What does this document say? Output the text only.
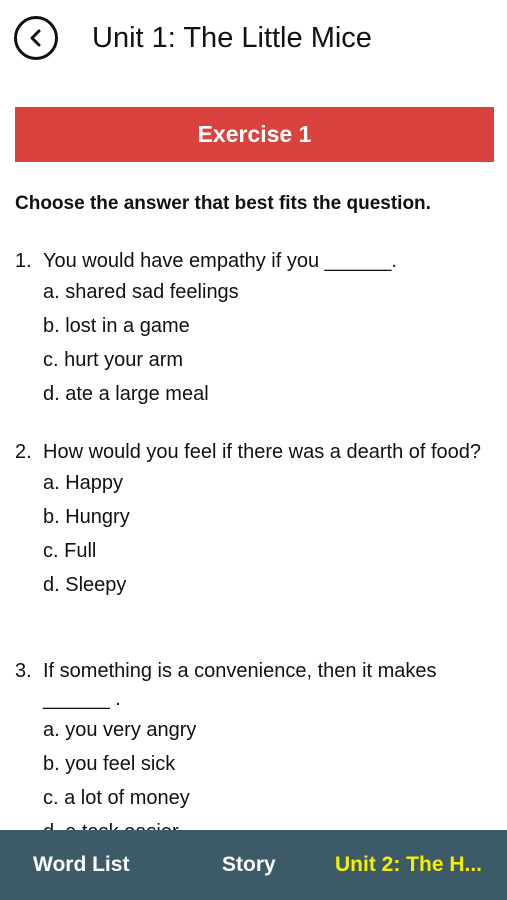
Unit 1: The Little Mice
Exercise 1
Choose the answer that best fits the question.
1. You would have empathy if you ______.
a. shared sad feelings
b. lost in a game
c. hurt your arm
d. ate a large meal
2. How would you feel if there was a dearth of food?
a. Happy
b. Hungry
c. Full
d. Sleepy
3. If something is a convenience, then it makes ______ .
a. you very angry
b. you feel sick
c. a lot of money
Word List	Story	Unit 2: The H...
